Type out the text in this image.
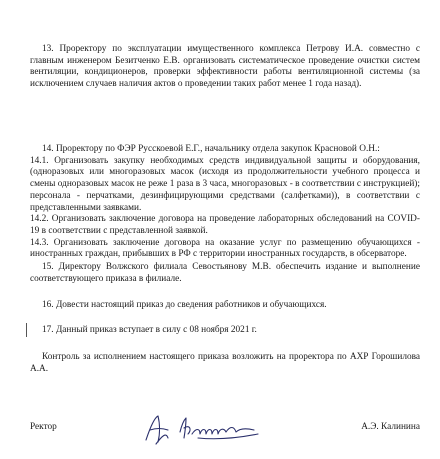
13. Проректору по эксплуатации имущественного комплекса Петрову И.А. совместно с главным инженером Безитченко Е.В. организовать систематическое проведение очистки систем вентиляции, кондиционеров, проверки эффективности работы вентиляционной системы (за исключением случаев наличия актов о проведении таких работ менее 1 года назад).
14. Проректору по ФЭР Русскоевой Е.Г., начальнику отдела закупок Красновой О.Н.:
14.1. Организовать закупку необходимых средств индивидуальной защиты и оборудования, (одноразовых или многоразовых масок (исходя из продолжительности учебного процесса и смены одноразовых масок не реже 1 раза в 3 часа, многоразовых - в соответствии с инструкцией); персонала - перчатками, дезинфицирующими средствами (салфетками)), в соответствии с представленными заявками.
14.2. Организовать заключение договора на проведение лабораторных обследований на COVID-19 в соответствии с представленной заявкой.
14.3. Организовать заключение договора на оказание услуг по размещению обучающихся - иностранных граждан, прибывших в РФ с территории иностранных государств, в обсерваторе.
15. Директору Волжского филиала Севостьянову М.В. обеспечить издание и выполнение соответствующего приказа в филиале.
16. Довести настоящий приказ до сведения работников и обучающихся.
17. Данный приказ вступает в силу с 08 ноября 2021 г.
Контроль за исполнением настоящего приказа возложить на проректора по АХР Горошилова А.А.
Ректор	А.Э. Калинина
